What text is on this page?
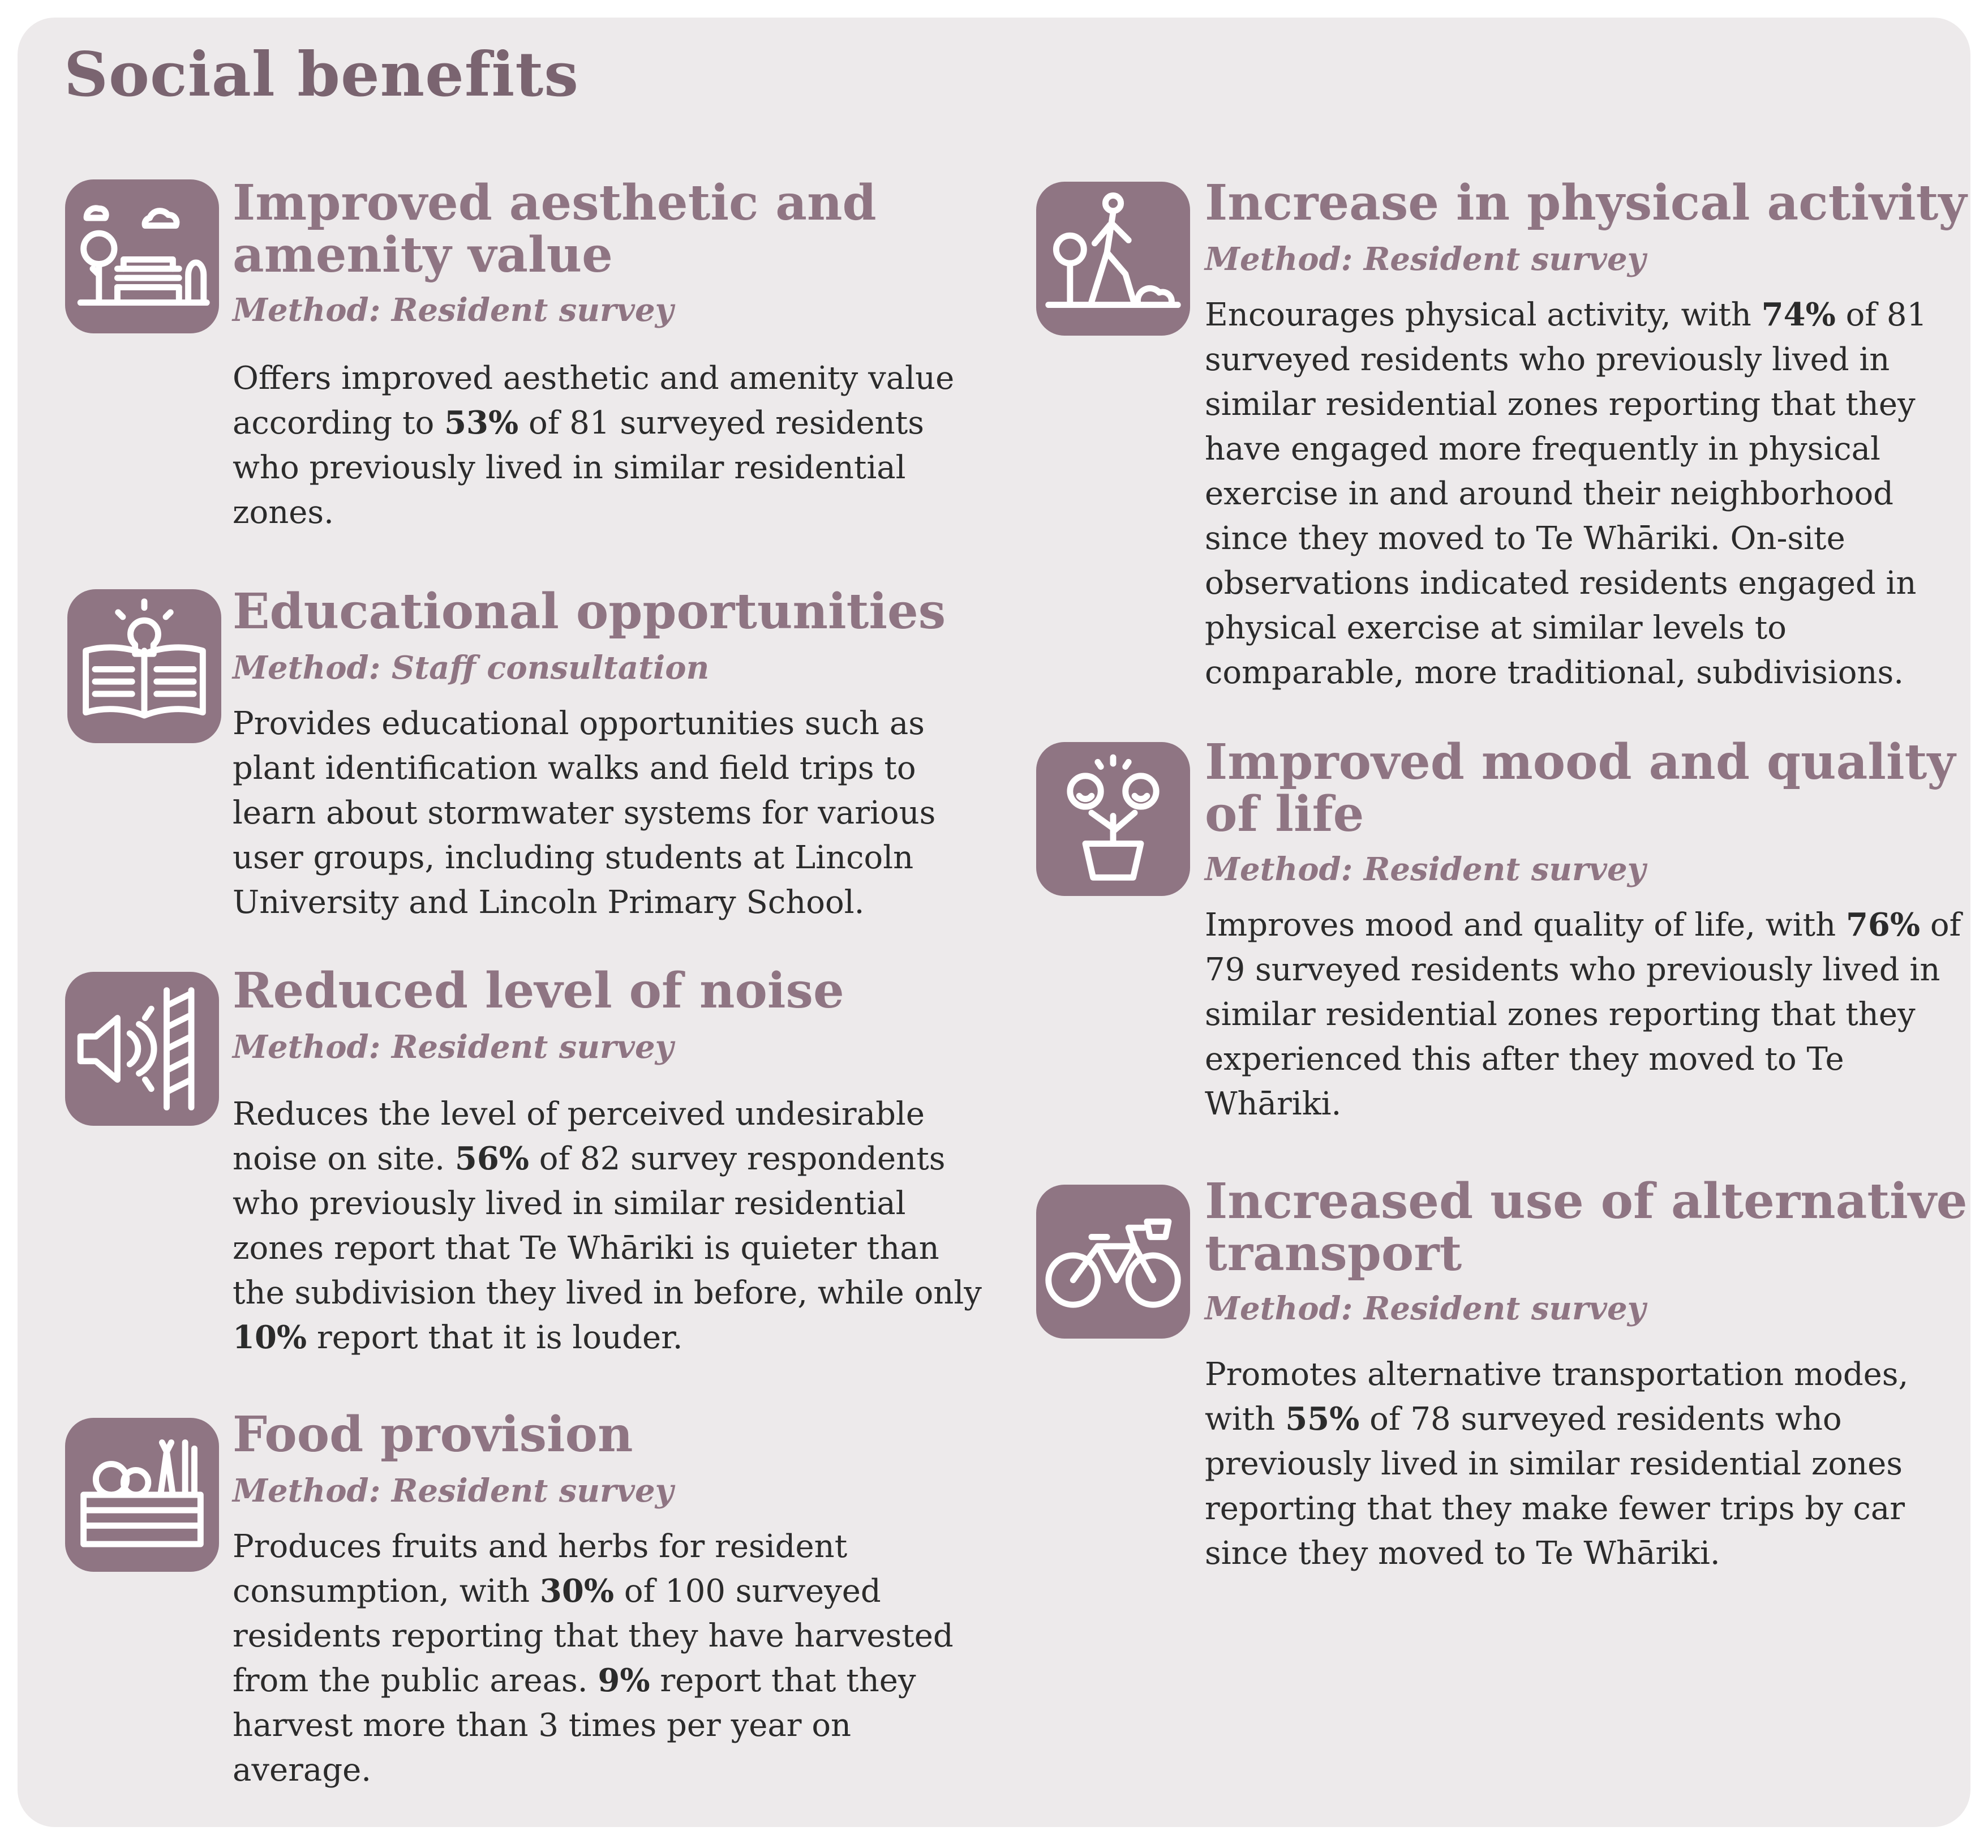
Social benefits
Improved aesthetic and
amenity value

Method: Resident survey

Offers improved aesthetic and amenity value according to 53% of 81 surveyed residents who previously lived in similar residential zones.

Educational opportunities

Method: Staff consultation

Provides educational opportunities such as plant identification walks and field trips to learn about stormwater systems for various user groups, including students at Lincoln University and Lincoln Primary School.

Reduced level of noise

Method: Resident survey

Reduces the level of perceived undesirable noise on site. 56% of 82 survey respondents who previously lived in similar residential zones report that Te Whāriki is quieter than the subdivision they lived in before, while only 10% report that it is louder.

Food provision

Method: Resident survey

Produces fruits and herbs for resident consumption, with 30% of 100 surveyed residents reporting that they have harvested from the public areas. 9% report that they harvest more than 3 times per year on average.

Increase in physical activity

Method: Resident survey

Encourages physical activity, with 74% of 81 surveyed residents who previously lived in similar residential zones reporting that they have engaged more frequently in physical exercise in and around their neighborhood since they moved to Te Whāriki. On-site observations indicated residents engaged in physical exercise at similar levels to comparable, more traditional, subdivisions.

Improved mood and quality
of life

Method: Resident survey

Improves mood and quality of life, with 76% of 79 surveyed residents who previously lived in similar residential zones reporting that they experienced this after they moved to Te Whāriki.

Increased use of alternative
transport

Method: Resident survey

Promotes alternative transportation modes, with 55% of 78 surveyed residents who previously lived in similar residential zones reporting that they make fewer trips by car since they moved to Te Whāriki.
